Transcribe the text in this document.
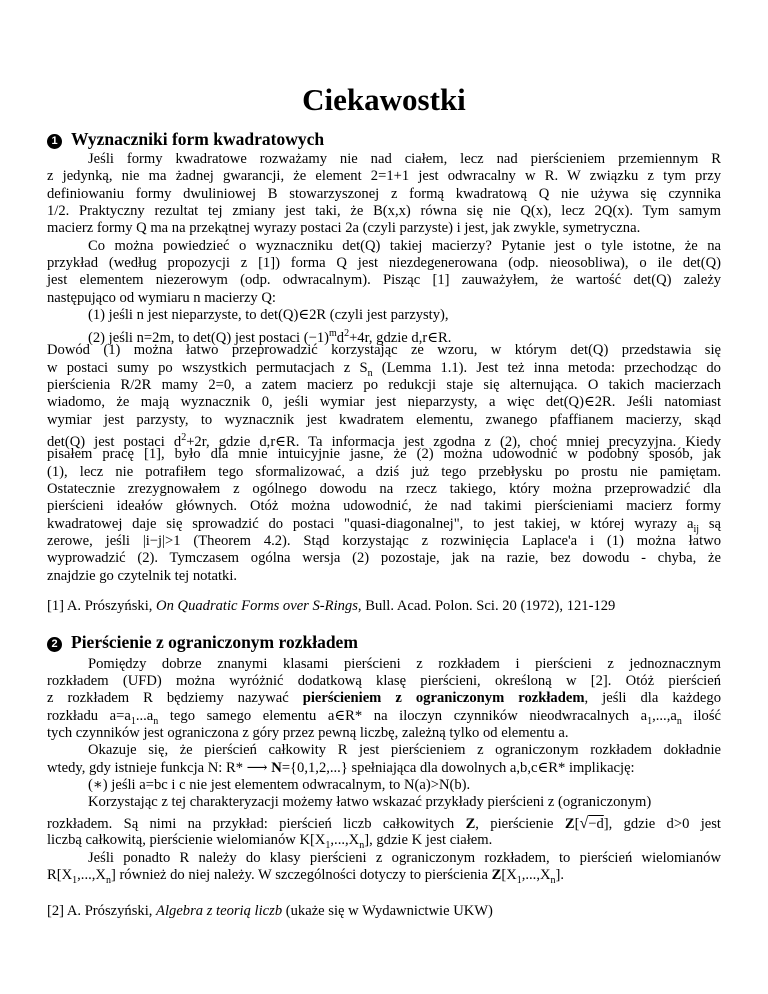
Ciekawostki
1 Wyznaczniki form kwadratowych
Jeśli formy kwadratowe rozważamy nie nad ciałem, lecz nad pierścieniem przemiennym R
z jedynką, nie ma żadnej gwarancji, że element 2=1+1 jest odwracalny w R. W związku z tym przy
definiowaniu formy dwuliniowej B stowarzyszonej z formą kwadratową Q nie używa się czynnika
1/2. Praktyczny rezultat tej zmiany jest taki, że B(x,x) równa się nie Q(x), lecz 2Q(x). Tym samym
macierz formy Q ma na przekątnej wyrazy postaci 2a (czyli parzyste) i jest, jak zwykle, symetryczna.
Co można powiedzieć o wyznaczniku det(Q) takiej macierzy? Pytanie jest o tyle istotne, że na
przykład (według propozycji z [1]) forma Q jest niezdegenerowana (odp. nieosobliwa), o ile det(Q)
jest elementem niezerowym (odp. odwracalnym). Pisząc [1] zauważyłem, że wartość det(Q) zależy
następująco od wymiaru n macierzy Q:
(1) jeśli n jest nieparzyste, to det(Q)∈2R (czyli jest parzysty),
(2) jeśli n=2m, to det(Q) jest postaci $(-1)^md^2+4r$, gdzie d,r∈R.
Dowód (1) można łatwo przeprowadzić korzystając ze wzoru, w którym det(Q) przedstawia się
w postaci sumy po wszystkich permutacjach z $S_n$ (Lemma 1.1). Jest też inna metoda: przechodząc do
pierścienia R/2R mamy 2=0, a zatem macierz po redukcji staje się alternująca. O takich macierzach
wiadomo, że mają wyznacznik 0, jeśli wymiar jest nieparzysty, a więc det(Q)∈2R. Jeśli natomiast
wymiar jest parzysty, to wyznacznik jest kwadratem elementu, zwanego pfaffianem macierzy, skąd
det(Q) jest postaci $d^2+2r$, gdzie d,r∈R. Ta informacja jest zgodna z (2), choć mniej precyzyjna. Kiedy
pisałem pracę [1], było dla mnie intuicyjnie jasne, że (2) można udowodnić w podobny sposób, jak
(1), lecz nie potrafiłem tego sformalizować, a dziś już tego przebłysku po prostu nie pamiętam.
Ostatecznie zrezygnowałem z ogólnego dowodu na rzecz takiego, który można przeprowadzić dla
pierścieni ideałów głównych. Otóż można udowodnić, że nad takimi pierścieniami macierz formy
kwadratowej daje się sprowadzić do postaci "quasi-diagonalnej", to jest takiej, w której wyrazy $a_{ij}$ są
zerowe, jeśli |i−j|>1 (Theorem 4.2). Stąd korzystając z rozwinięcia Laplace'a i (1) można łatwo
wyprowadzić (2). Tymczasem ogólna wersja (2) pozostaje, jak na razie, bez dowodu - chyba, że
znajdzie go czytelnik tej notatki.
[1] A. Prószyński, On Quadratic Forms over S-Rings, Bull. Acad. Polon. Sci. 20 (1972), 121-129
2 Pierścienie z ograniczonym rozkładem
Pomiędzy dobrze znanymi klasami pierścieni z rozkładem i pierścieni z jednoznacznym
rozkładem (UFD) można wyróżnić dodatkową klasę pierścieni, określoną w [2]. Otóż pierścień
z rozkładem R będziemy nazywać pierścieniem z ograniczonym rozkładem, jeśli dla każdego
rozkładu $a=a_1...a_n$ tego samego elementu a∈R* na iloczyn czynników nieodwracalnych $a_1,...,a_n$ ilość
tych czynników jest ograniczona z góry przez pewną liczbę, zależną tylko od elementu a.
Okazuje się, że pierścień całkowity R jest pierścieniem z ograniczonym rozkładem dokładnie
wtedy, gdy istnieje funkcja N: R* ⟶ N={0,1,2,...} spełniająca dla dowolnych a,b,c∈R* implikację:
(∗) jeśli a=bc i c nie jest elementem odwracalnym, to N(a)>N(b).
Korzystając z tej charakteryzacji możemy łatwo wskazać przykłady pierścieni z (ograniczonym)
rozkładem. Są nimi na przykład: pierścień liczb całkowitych Z, pierścienie Z[√−d], gdzie d>0 jest
liczbą całkowitą, pierścienie wielomianów $K[X_1,...,X_n]$, gdzie K jest ciałem.
Jeśli ponadto R należy do klasy pierścieni z ograniczonym rozkładem, to pierścień wielomianów
$R[X_1,...,X_n]$ również do niej należy. W szczególności dotyczy to pierścienia $Z[X_1,...,X_n]$.
[2] A. Prószyński, Algebra z teorią liczb (ukaże się w Wydawnictwie UKW)
